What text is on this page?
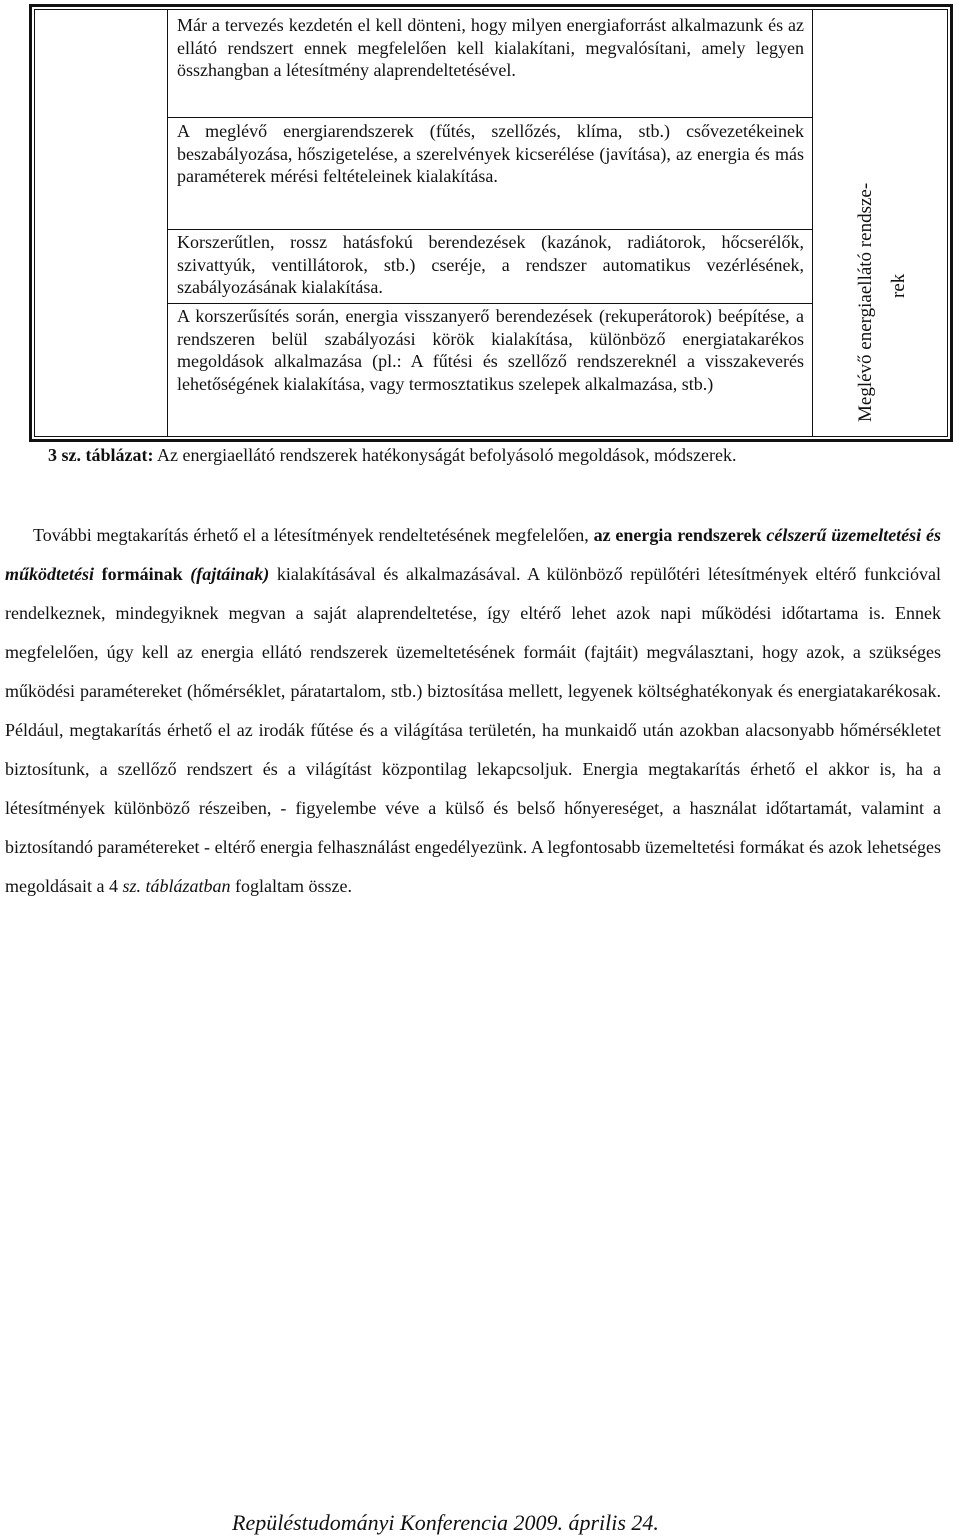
Már a tervezés kezdetén el kell dönteni, hogy milyen energiaforrást alkalmazunk és az ellátó rendszert ennek megfelelően kell kialakítani, megvalósítani, amely legyen összhangban a létesítmény alaprendeltetésével.

A meglévő energiarendszerek (fűtés, szellőzés, klíma, stb.) csővezetékeinek beszabályozása, hőszigetelése, a szerelvények kicserélése (javítása), az energia és más paraméterek mérési feltételeinek kialakítása.

Korszerűtlen, rossz hatásfokú berendezések (kazánok, radiátorok, hőcserélők, szivattyúk, ventillátorok, stb.) cseréje, a rendszer automatikus vezérlésének, szabályozásának kialakítása.

A korszerűsítés során, energia visszanyerő berendezések (rekuperátorok) beépítése, a rendszeren belül szabályozási körök kialakítása, különböző energiatakarékos megoldások alkalmazása (pl.: A fűtési és szellőző rendszereknél a visszakeverés lehetőségének kialakítása, vagy termosztatikus szelepek alkalmazása, stb.)	Meglévő energiaellátó rendsze- rek
3 sz. táblázat: Az energiaellátó rendszerek hatékonyságát befolyásoló megoldások, módszerek.

További megtakarítás érhető el a létesítmények rendeltetésének megfelelően, az energia rendszerek célszerű üzemeltetési és működtetési formáinak (fajtáinak) kialakításával és alkalmazásával. A különböző repülőtéri létesítmények eltérő funkcióval rendelkeznek, mindegyiknek megvan a saját alaprendeltetése, így eltérő lehet azok napi működési időtartama is. Ennek megfelelően, úgy kell az energia ellátó rendszerek üzemeltetésének formáit (fajtáit) megválasztani, hogy azok, a szükséges működési paramétereket (hőmérséklet, páratartalom, stb.) biztosítása mellett, legyenek költséghatékonyak és energiatakarékosak. Például, megtakarítás érhető el az irodák fűtése és a világítása területén, ha munkaidő után azokban alacsonyabb hőmérsékletet biztosítunk, a szellőző rendszert és a világítást központilag lekapcsoljuk. Energia megtakarítás érhető el akkor is, ha a létesítmények különböző részeiben, - figyelembe véve a külső és belső hőnyereséget, a használat időtartamát, valamint a biztosítandó paramétereket - eltérő energia felhasználást engedélyezünk. A legfontosabb üzemeltetési formákat és azok lehetséges megoldásait a 4 sz. táblázatban foglaltam össze.

Repüléstudományi Konferencia 2009. április 24.
